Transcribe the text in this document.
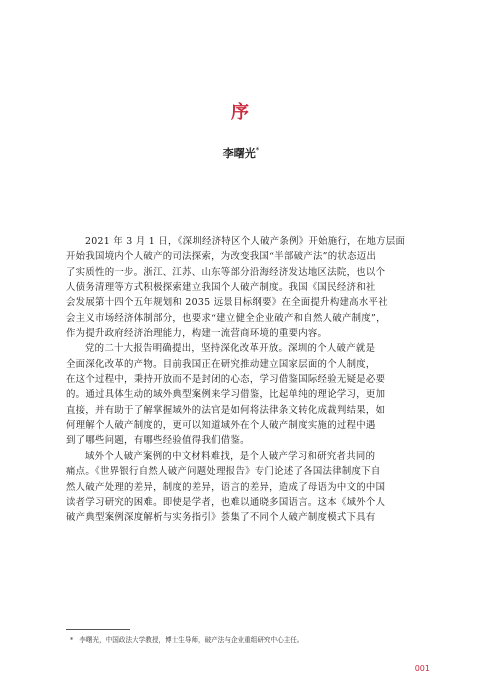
序
李曙光*
2021 年 3 月 1 日，《深圳经济特区个人破产条例》开始施行，在地方层面
开始我国境内个人破产的司法探索，为改变我国“半部破产法”的状态迈出
了实质性的一步。浙江、江苏、山东等部分沿海经济发达地区法院，也以个
人债务清理等方式积极探索建立我国个人破产制度。我国《国民经济和社
会发展第十四个五年规划和 2035 远景目标纲要》在全面提升构建高水平社
会主义市场经济体制部分，也要求“建立健全企业破产和自然人破产制度”，
作为提升政府经济治理能力，构建一流营商环境的重要内容。
党的二十大报告明确提出，坚持深化改革开放。深圳的个人破产就是
全面深化改革的产物。目前我国正在研究推动建立国家层面的个人制度，
在这个过程中，秉持开放而不是封闭的心态，学习借鉴国际经验无疑是必要
的。通过具体生动的域外典型案例来学习借鉴，比起单纯的理论学习，更加
直接，并有助于了解掌握域外的法官是如何将法律条文转化成裁判结果，如
何理解个人破产制度的，更可以知道域外在个人破产制度实施的过程中遇
到了哪些问题，有哪些经验值得我们借鉴。
域外个人破产案例的中文材料难找，是个人破产学习和研究者共同的
痛点。《世界银行自然人破产问题处理报告》专门论述了各国法律制度下自
然人破产处理的差异，制度的差异，语言的差异，造成了母语为中文的中国
读者学习研究的困难。即使是学者，也难以通晓多国语言。这本《域外个人
破产典型案例深度解析与实务指引》荟集了不同个人破产制度模式下具有
* 李曙光，中国政法大学教授，博士生导师，破产法与企业重组研究中心主任。
001
